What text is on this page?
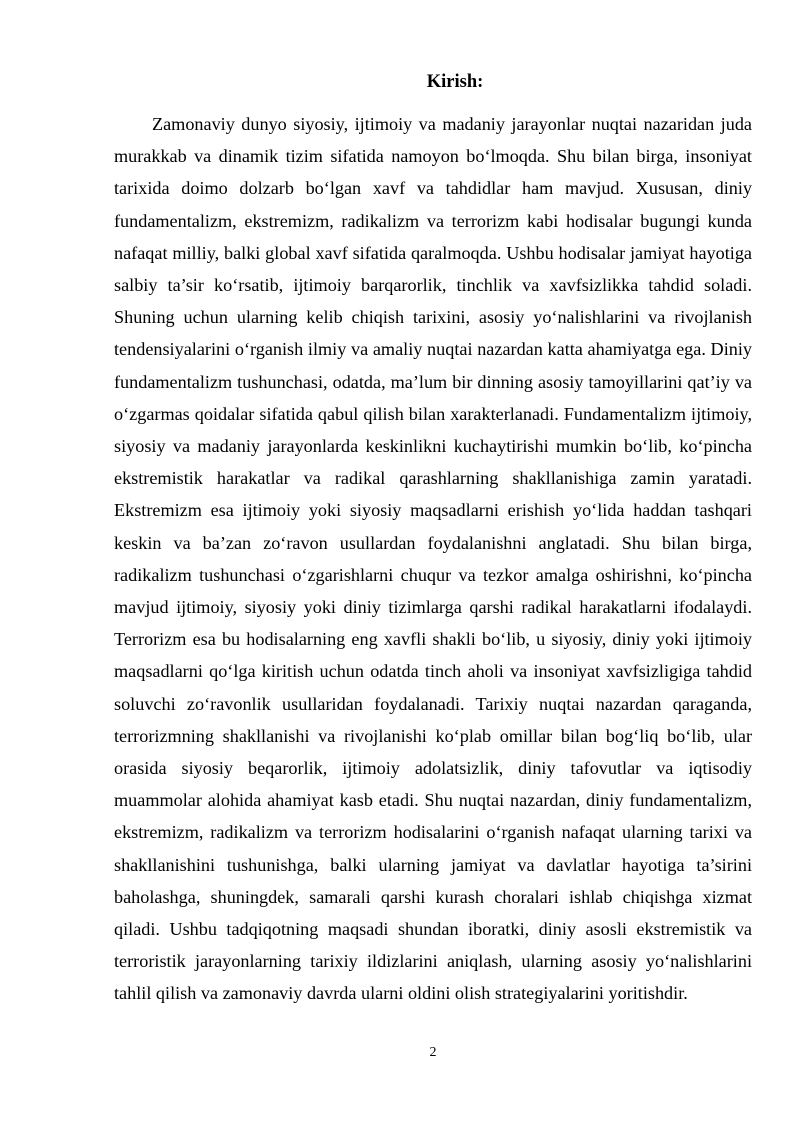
Kirish:

Zamonaviy dunyo siyosiy, ijtimoiy va madaniy jarayonlar nuqtai nazaridan juda murakkab va dinamik tizim sifatida namoyon bo‘lmoqda. Shu bilan birga, insoniyat tarixida doimo dolzarb bo‘lgan xavf va tahdidlar ham mavjud. Xususan, diniy fundamentalizm, ekstremizm, radikalizm va terrorizm kabi hodisalar bugungi kunda nafaqat milliy, balki global xavf sifatida qaralmoqda. Ushbu hodisalar jamiyat hayotiga salbiy ta’sir ko‘rsatib, ijtimoiy barqarorlik, tinchlik va xavfsizlikka tahdid soladi. Shuning uchun ularning kelib chiqish tarixini, asosiy yo‘nalishlarini va rivojlanish tendensiyalarini o‘rganish ilmiy va amaliy nuqtai nazardan katta ahamiyatga ega. Diniy fundamentalizm tushunchasi, odatda, ma’lum bir dinning asosiy tamoyillarini qat’iy va o‘zgarmas qoidalar sifatida qabul qilish bilan xarakterlanadi. Fundamentalizm ijtimoiy, siyosiy va madaniy jarayonlarda keskinlikni kuchaytirishi mumkin bo‘lib, ko‘pincha ekstremistik harakatlar va radikal qarashlarning shakllanishiga zamin yaratadi. Ekstremizm esa ijtimoiy yoki siyosiy maqsadlarni erishish yo‘lida haddan tashqari keskin va ba’zan zo‘ravon usullardan foydalanishni anglatadi. Shu bilan birga, radikalizm tushunchasi o‘zgarishlarni chuqur va tezkor amalga oshirishni, ko‘pincha mavjud ijtimoiy, siyosiy yoki diniy tizimlarga qarshi radikal harakatlarni ifodalaydi. Terrorizm esa bu hodisalarning eng xavfli shakli bo‘lib, u siyosiy, diniy yoki ijtimoiy maqsadlarni qo‘lga kiritish uchun odatda tinch aholi va insoniyat xavfsizligiga tahdid soluvchi zo‘ravonlik usullaridan foydalanadi. Tarixiy nuqtai nazardan qaraganda, terrorizmning shakllanishi va rivojlanishi ko‘plab omillar bilan bog‘liq bo‘lib, ular orasida siyosiy beqarorlik, ijtimoiy adolatsizlik, diniy tafovutlar va iqtisodiy muammolar alohida ahamiyat kasb etadi. Shu nuqtai nazardan, diniy fundamentalizm, ekstremizm, radikalizm va terrorizm hodisalarini o‘rganish nafaqat ularning tarixi va shakllanishini tushunishga, balki ularning jamiyat va davlatlar hayotiga ta’sirini baholashga, shuningdek, samarali qarshi kurash choralari ishlab chiqishga xizmat qiladi. Ushbu tadqiqotning maqsadi shundan iboratki, diniy asosli ekstremistik va terroristik jarayonlarning tarixiy ildizlarini aniqlash, ularning asosiy yo‘nalishlarini tahlil qilish va zamonaviy davrda ularni oldini olish strategiyalarini yoritishdir.

2
